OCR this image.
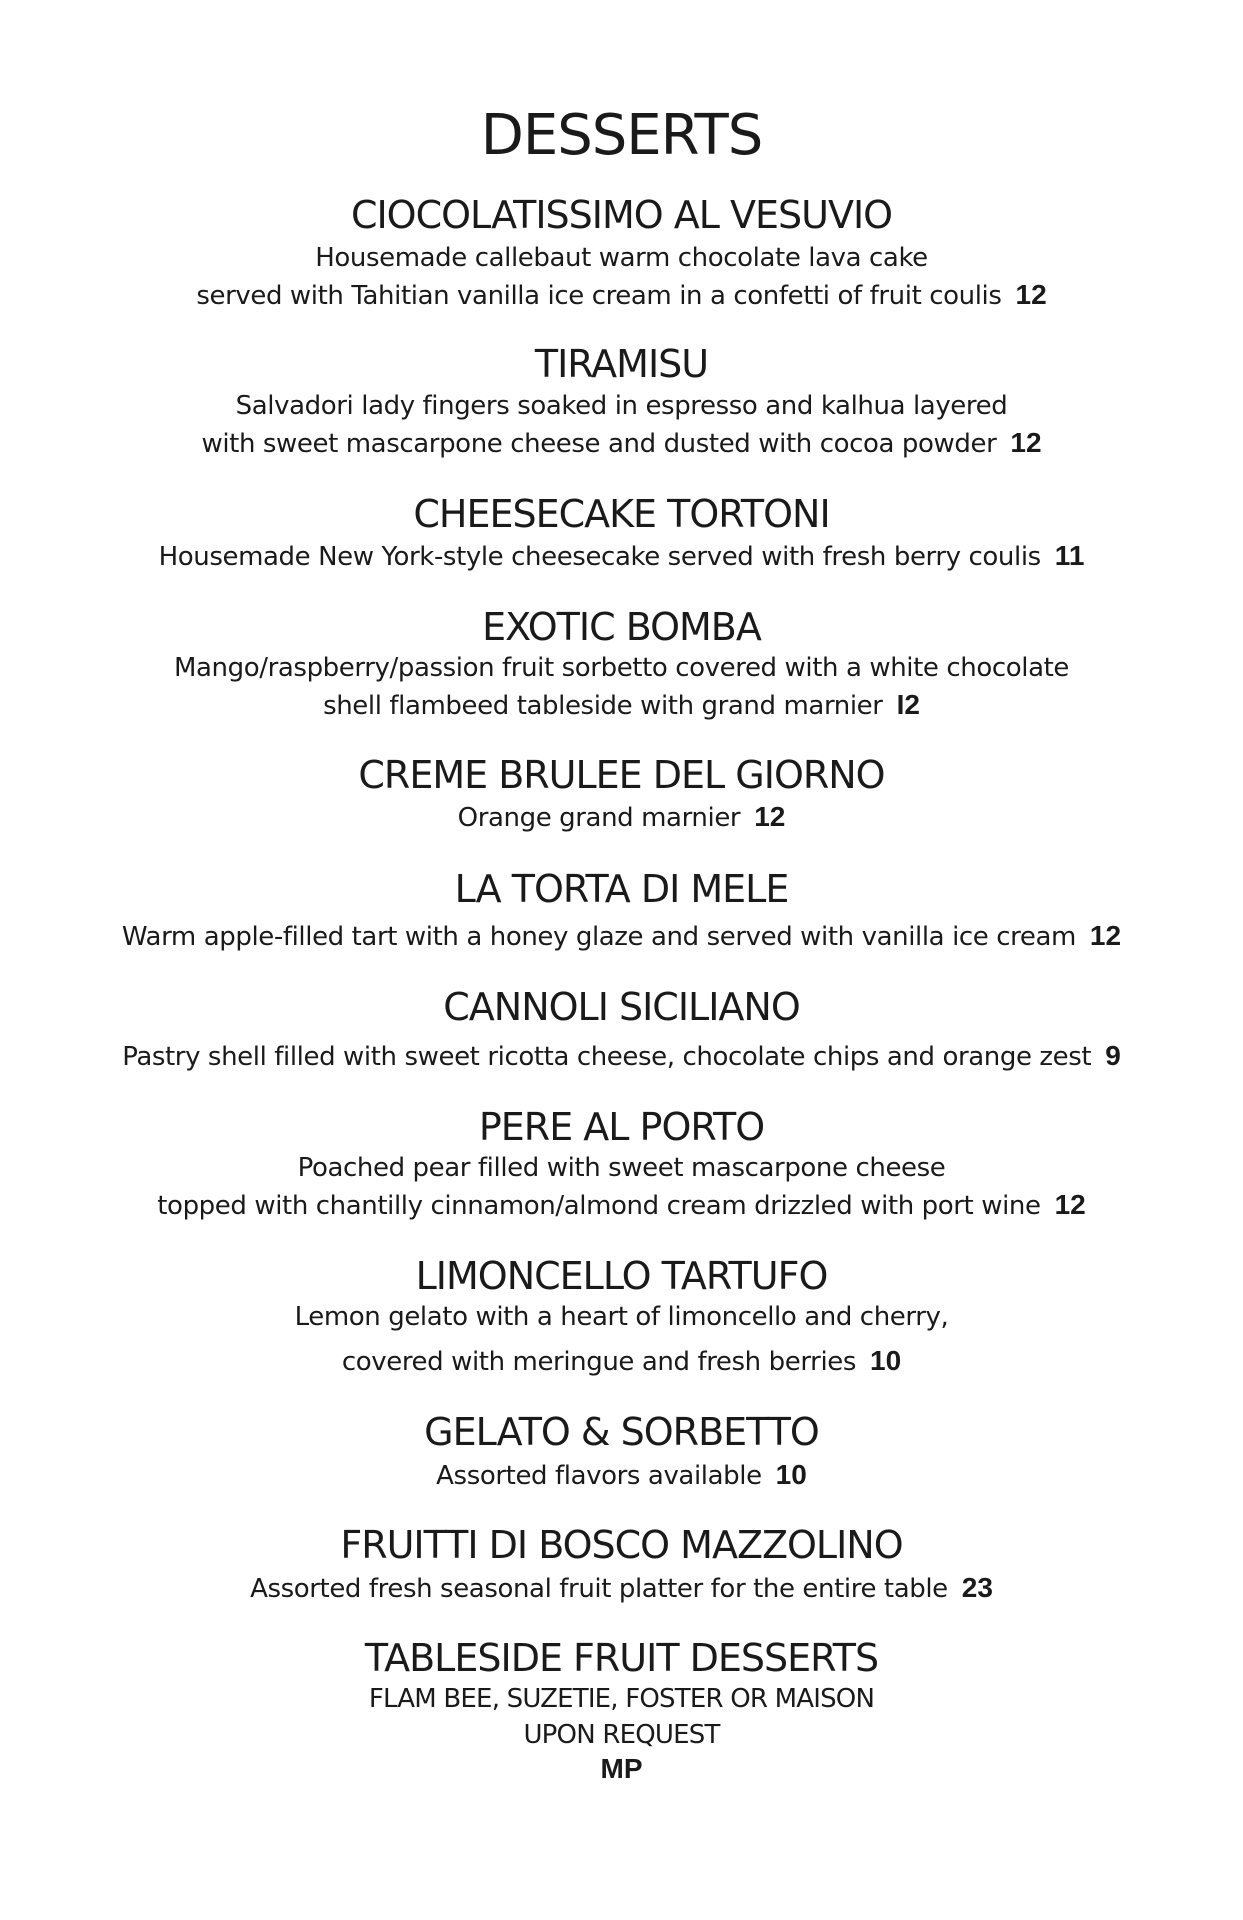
DESSERTS
CIOCOLATISSIMO AL VESUVIO
Housemade callebaut warm chocolate lava cake
served with Tahitian vanilla ice cream in a confetti of fruit coulis 12
TIRAMISU
Salvadori lady fingers soaked in espresso and kalhua layered
with sweet mascarpone cheese and dusted with cocoa powder 12
CHEESECAKE TORTONI
Housemade New York-style cheesecake served with fresh berry coulis 11
EXOTIC BOMBA
Mango/raspberry/passion fruit sorbetto covered with a white chocolate
shell flambeed tableside with grand marnier I2
CREME BRULEE DEL GIORNO
Orange grand marnier 12
LA TORTA DI MELE
Warm apple-filled tart with a honey glaze and served with vanilla ice cream 12
CANNOLI SICILIANO
Pastry shell filled with sweet ricotta cheese, chocolate chips and orange zest 9
PERE AL PORTO
Poached pear filled with sweet mascarpone cheese
topped with chantilly cinnamon/almond cream drizzled with port wine 12
LIMONCELLO TARTUFO
Lemon gelato with a heart of limoncello and cherry,
covered with meringue and fresh berries 10
GELATO & SORBETTO
Assorted flavors available 10
FRUITTI DI BOSCO MAZZOLINO
Assorted fresh seasonal fruit platter for the entire table 23
TABLESIDE FRUIT DESSERTS
FLAM BEE, SUZETIE, FOSTER OR MAISON
UPON REQUEST
MP
